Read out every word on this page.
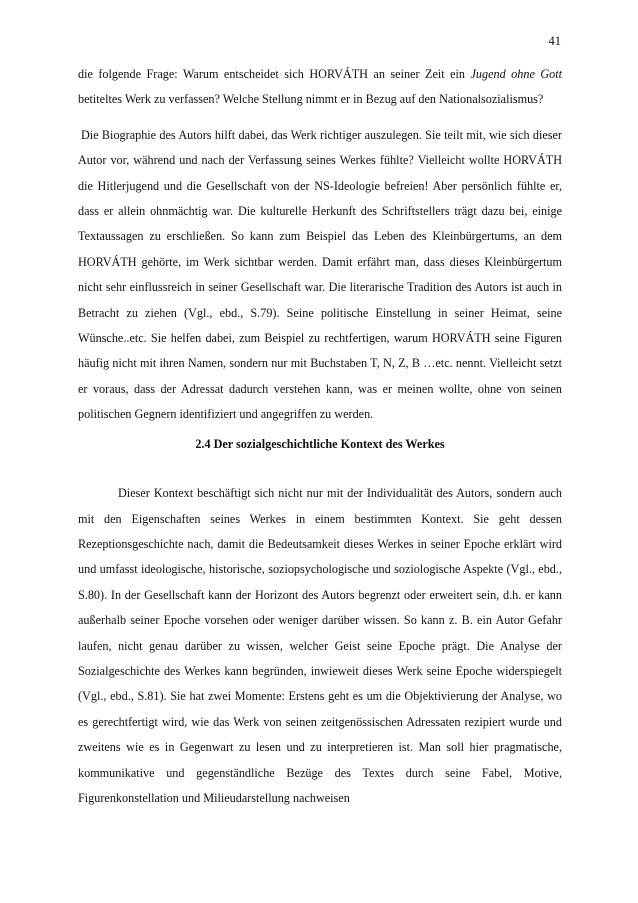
41

die folgende Frage: Warum entscheidet sich HORVÁTH an seiner Zeit ein Jugend ohne Gott betiteltes Werk zu verfassen? Welche Stellung nimmt er in Bezug auf den Nationalsozialismus?

Die Biographie des Autors hilft dabei, das Werk richtiger auszulegen. Sie teilt mit, wie sich dieser Autor vor, während und nach der Verfassung seines Werkes fühlte? Vielleicht wollte HORVÁTH die Hitlerjugend und die Gesellschaft von der NS-Ideologie befreien! Aber persönlich fühlte er, dass er allein ohnmächtig war. Die kulturelle Herkunft des Schriftstellers trägt dazu bei, einige Textaussagen zu erschließen. So kann zum Beispiel das Leben des Kleinbürgertums, an dem HORVÁTH gehörte, im Werk sichtbar werden. Damit erfährt man, dass dieses Kleinbürgertum nicht sehr einflussreich in seiner Gesellschaft war. Die literarische Tradition des Autors ist auch in Betracht zu ziehen (Vgl., ebd., S.79). Seine politische Einstellung in seiner Heimat, seine Wünsche..etc. Sie helfen dabei, zum Beispiel zu rechtfertigen, warum HORVÁTH seine Figuren häufig nicht mit ihren Namen, sondern nur mit Buchstaben T, N, Z, B …etc. nennt. Vielleicht setzt er voraus, dass der Adressat dadurch verstehen kann, was er meinen wollte, ohne von seinen politischen Gegnern identifiziert und angegriffen zu werden.

2.4 Der sozialgeschichtliche Kontext des Werkes

Dieser Kontext beschäftigt sich nicht nur mit der Individualität des Autors, sondern auch mit den Eigenschaften seines Werkes in einem bestimmten Kontext. Sie geht dessen Rezeptionsgeschichte nach, damit die Bedeutsamkeit dieses Werkes in seiner Epoche erklärt wird und umfasst ideologische, historische, soziopsychologische und soziologische Aspekte (Vgl., ebd., S.80). In der Gesellschaft kann der Horizont des Autors begrenzt oder erweitert sein, d.h. er kann außerhalb seiner Epoche vorsehen oder weniger darüber wissen. So kann z. B. ein Autor Gefahr laufen, nicht genau darüber zu wissen, welcher Geist seine Epoche prägt. Die Analyse der Sozialgeschichte des Werkes kann begründen, inwieweit dieses Werk seine Epoche widerspiegelt (Vgl., ebd., S.81). Sie hat zwei Momente: Erstens geht es um die Objektivierung der Analyse, wo es gerechtfertigt wird, wie das Werk von seinen zeitgenössischen Adressaten rezipiert wurde und zweitens wie es in Gegenwart zu lesen und zu interpretieren ist. Man soll hier pragmatische, kommunikative und gegenständliche Bezüge des Textes durch seine Fabel, Motive, Figurenkonstellation und Milieudarstellung nachweisen
